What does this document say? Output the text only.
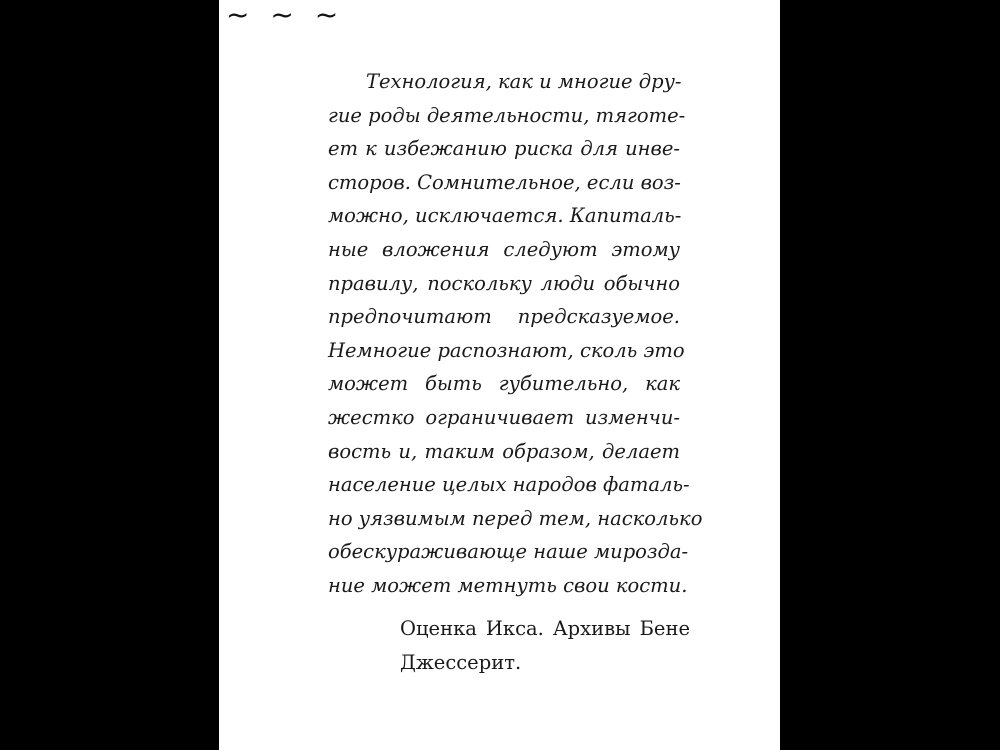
~ ~ ~
Технология, как и многие дру-
гие роды деятельности, тяготе-
ет к избежанию риска для инве-
сторов. Сомнительное, если воз-
можно, исключается. Капиталь-
ные вложения следуют этому
правилу, поскольку люди обычно
предпочитают предсказуемое.
Немногие распознают, сколь это
может быть губительно, как
жестко ограничивает изменчи-
вость и, таким образом, делает
население целых народов фаталь-
но уязвимым перед тем, насколько
обескураживающе наше мирозда-
ние может метнуть свои кости.
Оценка Икса. Архивы Бене
Джессерит.
